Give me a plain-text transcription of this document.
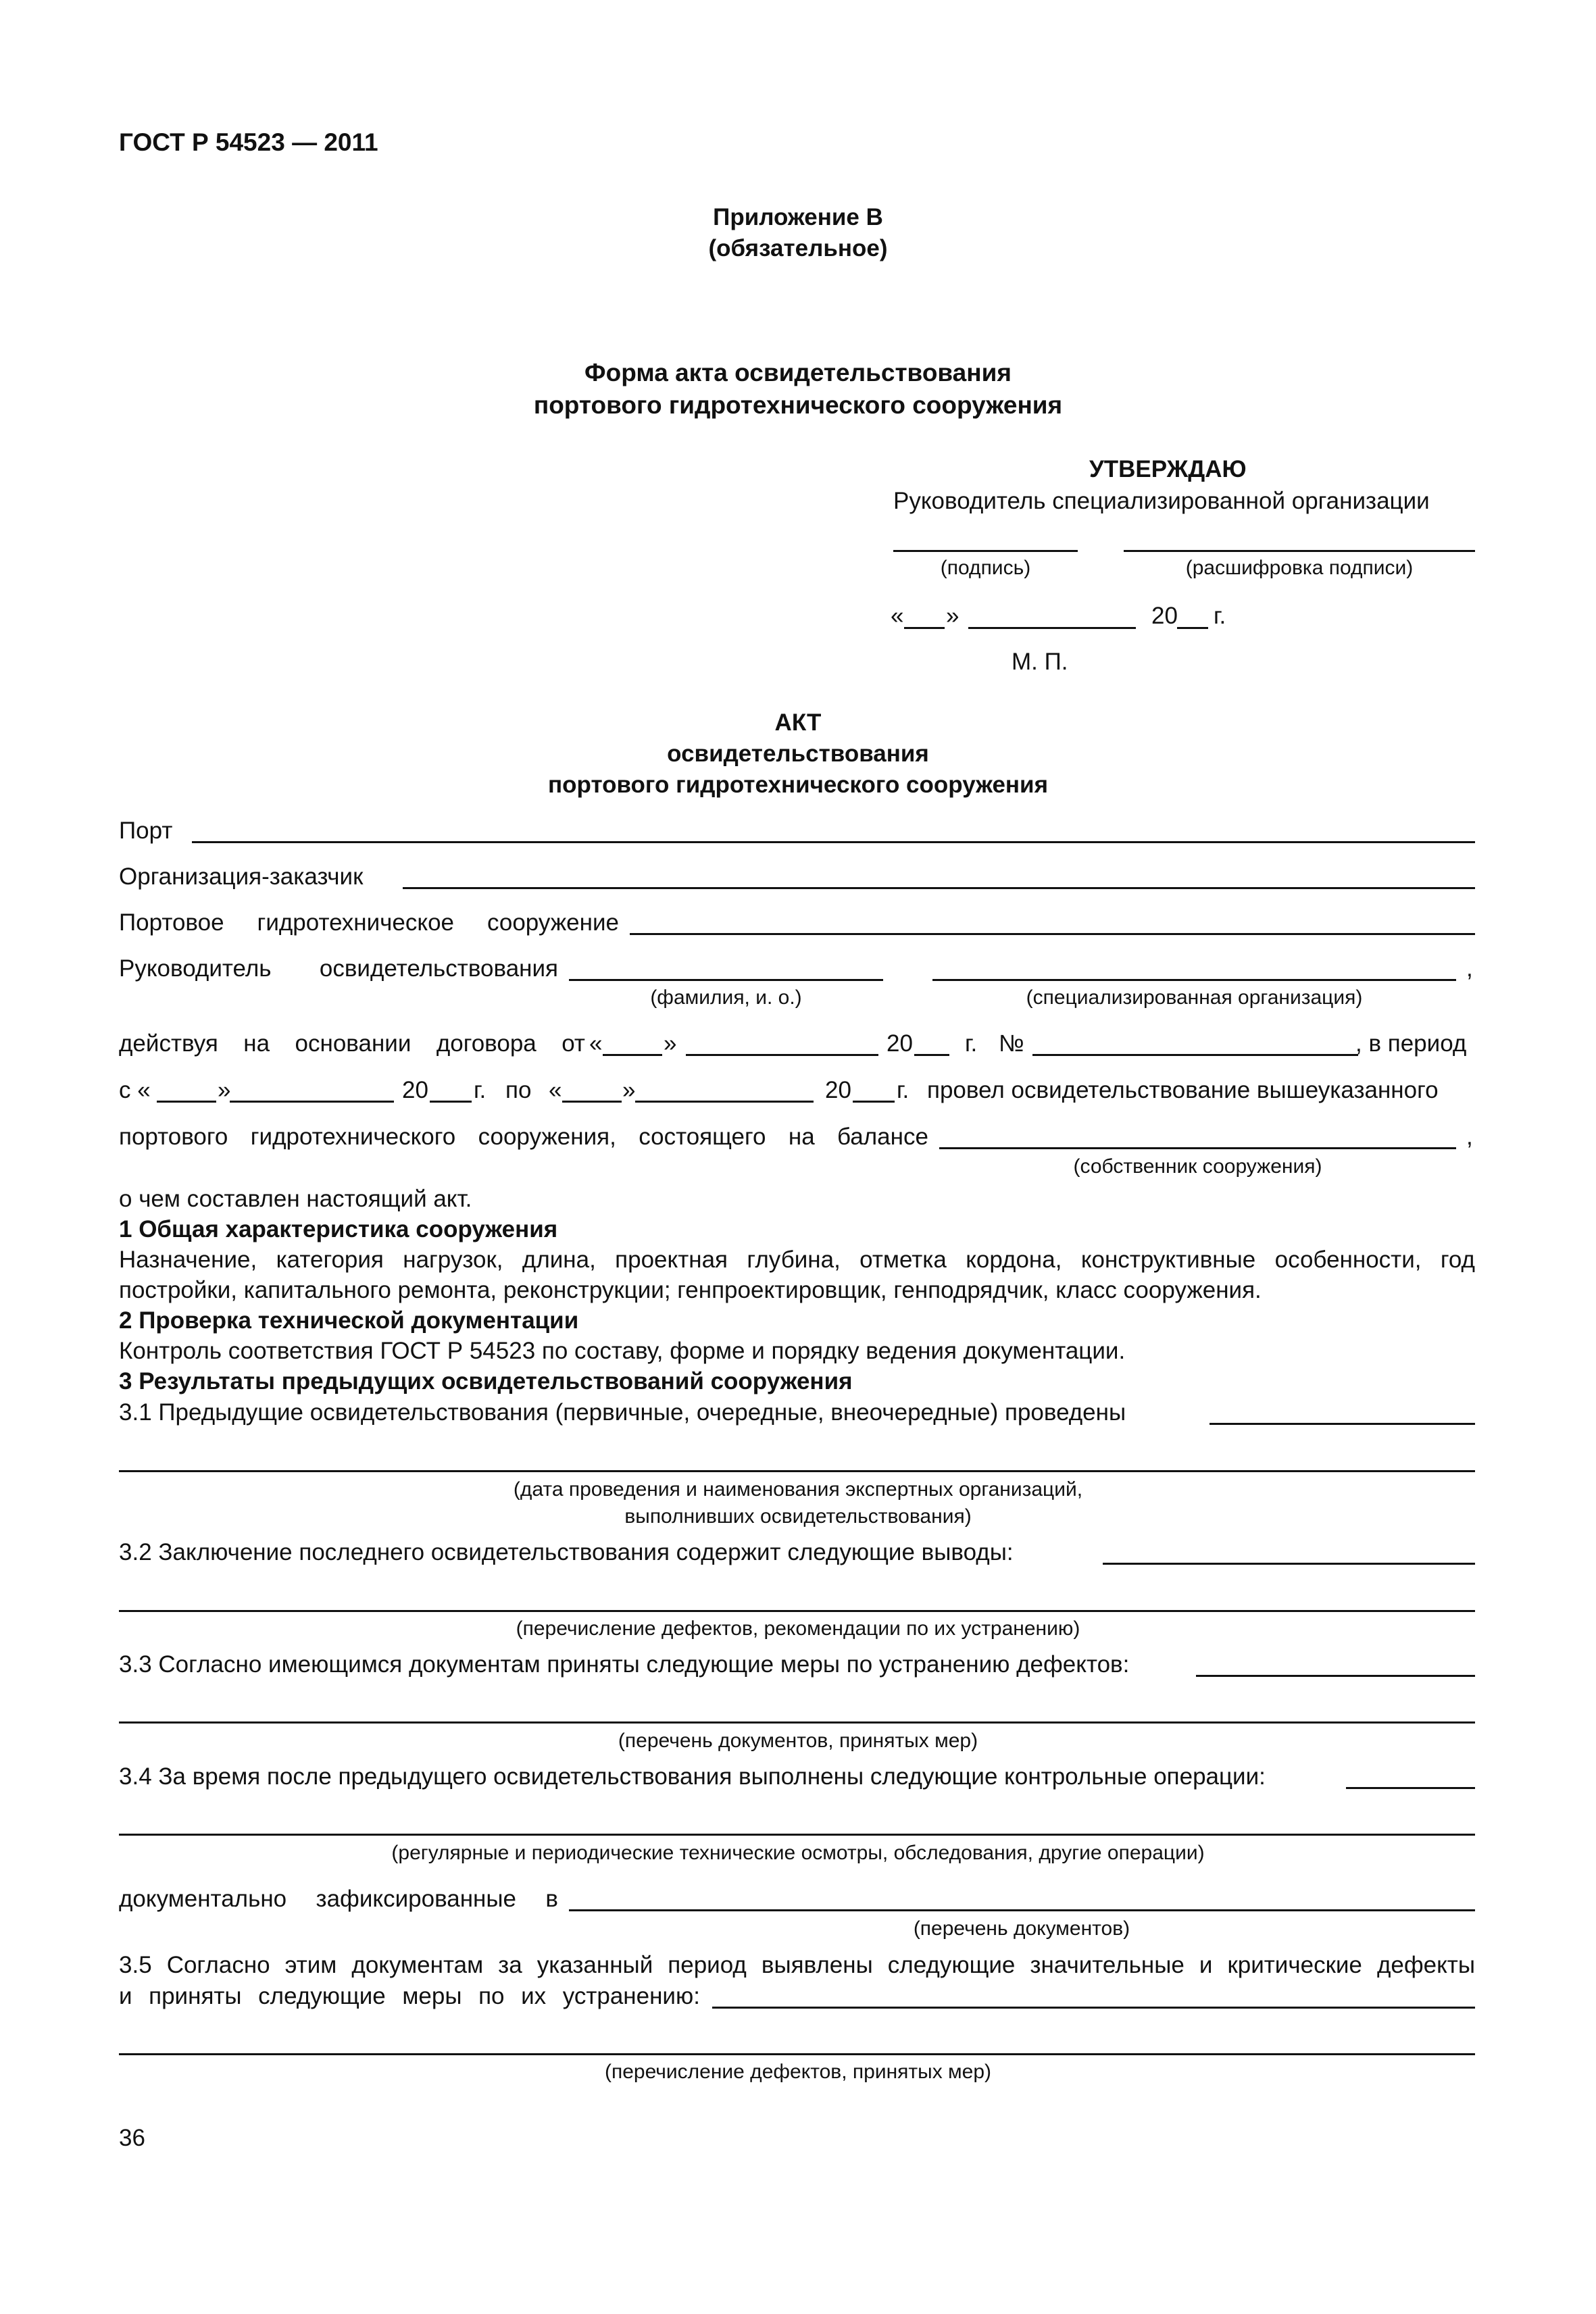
ГОСТ Р 54523 — 2011
Приложение В
(обязательное)
Форма акта освидетельствования
портового гидротехнического сооружения
УТВЕРЖДАЮ
Руководитель специализированной организации
(подпись)	(расшифровка подписи)
« »	20 г.
М. П.
АКТ
освидетельствования
портового гидротехнического сооружения
Порт
Организация-заказчик
Портовое гидротехническое сооружение
Руководитель освидетельствования	,
(фамилия, и. о.)	(специализированная организация)
действуя на основании договора от «	»	20 г. №	, в период
с «	»	20 г. по «	»	20 г. провел освидетельствование вышеуказанного
портового гидротехнического сооружения, состоящего на балансе	,
(собственник сооружения)
о чем составлен настоящий акт.
1 Общая характеристика сооружения
Назначение, категория нагрузок, длина, проектная глубина, отметка кордона, конструктивные особенности, год
постройки, капитального ремонта, реконструкции; генпроектировщик, генподрядчик, класс сооружения.
2 Проверка технической документации
Контроль соответствия ГОСТ Р 54523 по составу, форме и порядку ведения документации.
3 Результаты предыдущих освидетельствований сооружения
3.1 Предыдущие освидетельствования (первичные, очередные, внеочередные) проведены
(дата проведения и наименования экспертных организаций,
выполнивших освидетельствования)
3.2 Заключение последнего освидетельствования содержит следующие выводы:
(перечисление дефектов, рекомендации по их устранению)
3.3 Согласно имеющимся документам приняты следующие меры по устранению дефектов:
(перечень документов, принятых мер)
3.4 За время после предыдущего освидетельствования выполнены следующие контрольные операции:
(регулярные и периодические технические осмотры, обследования, другие операции)
документально зафиксированные в
(перечень документов)
3.5 Согласно этим документам за указанный период выявлены следующие значительные и критические дефекты
и приняты следующие меры по их устранению:
(перечисление дефектов, принятых мер)
36
